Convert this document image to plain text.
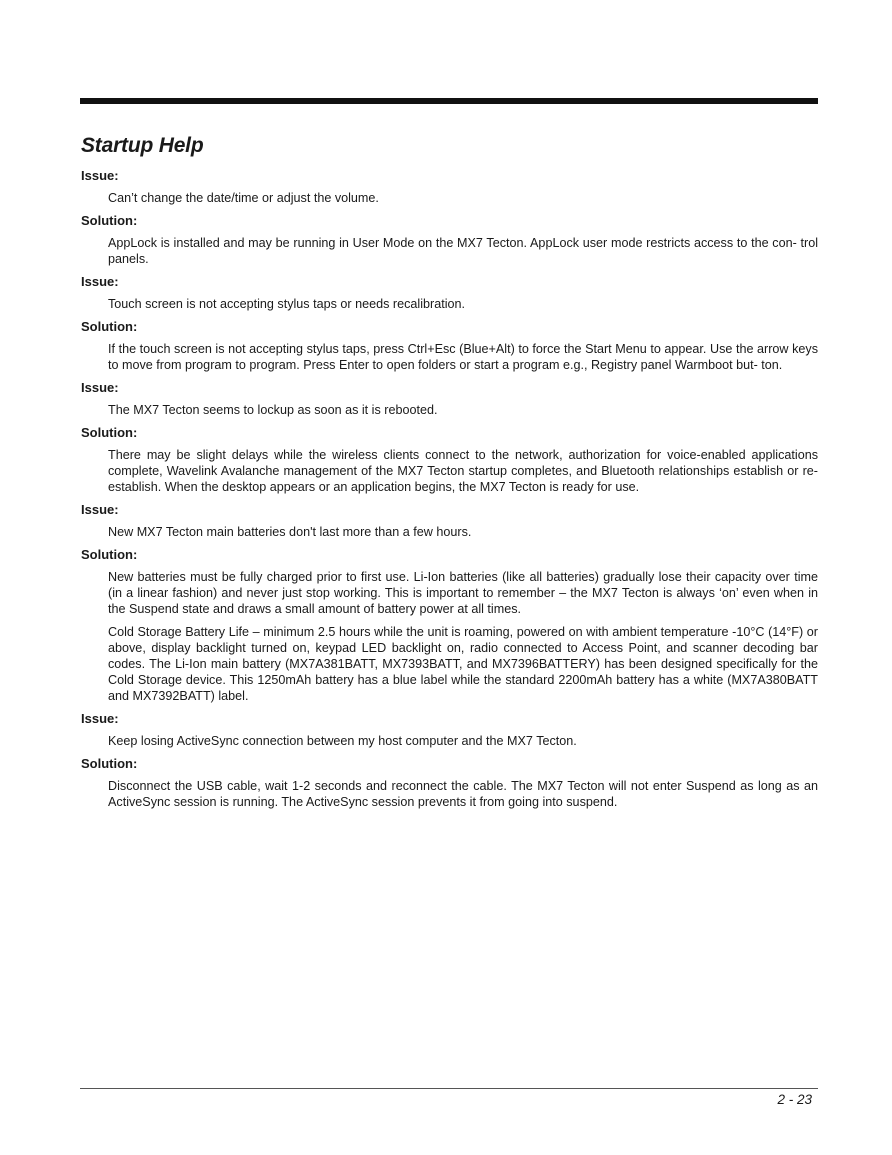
Startup Help
Issue:
Can’t change the date/time or adjust the volume.
Solution:
AppLock is installed and may be running in User Mode on the MX7 Tecton. AppLock user mode restricts access to the con- trol panels.
Issue:
Touch screen is not accepting stylus taps or needs recalibration.
Solution:
If the touch screen is not accepting stylus taps, press Ctrl+Esc (Blue+Alt) to force the Start Menu to appear. Use the arrow keys to move from program to program. Press Enter to open folders or start a program e.g., Registry panel Warmboot but- ton.
Issue:
The MX7 Tecton seems to lockup as soon as it is rebooted.
Solution:
There may be slight delays while the wireless clients connect to the network, authorization for voice-enabled applications complete, Wavelink Avalanche management of the MX7 Tecton startup completes, and Bluetooth relationships establish or re-establish. When the desktop appears or an application begins, the MX7 Tecton is ready for use.
Issue:
New MX7 Tecton main batteries don't last more than a few hours.
Solution:
New batteries must be fully charged prior to first use. Li-Ion batteries (like all batteries) gradually lose their capacity over time (in a linear fashion) and never just stop working. This is important to remember – the MX7 Tecton is always ‘on’ even when in the Suspend state and draws a small amount of battery power at all times.
Cold Storage Battery Life – minimum 2.5 hours while the unit is roaming, powered on with ambient temperature -10°C (14°F) or above, display backlight turned on, keypad LED backlight on, radio connected to Access Point, and scanner decoding bar codes. The Li-Ion main battery (MX7A381BATT, MX7393BATT, and MX7396BATTERY) has been designed specifically for the Cold Storage device. This 1250mAh battery has a blue label while the standard 2200mAh battery has a white (MX7A380BATT and MX7392BATT) label.
Issue:
Keep losing ActiveSync connection between my host computer and the MX7 Tecton.
Solution:
Disconnect the USB cable, wait 1-2 seconds and reconnect the cable. The MX7 Tecton will not enter Suspend as long as an ActiveSync session is running. The ActiveSync session prevents it from going into suspend.
2 - 23
